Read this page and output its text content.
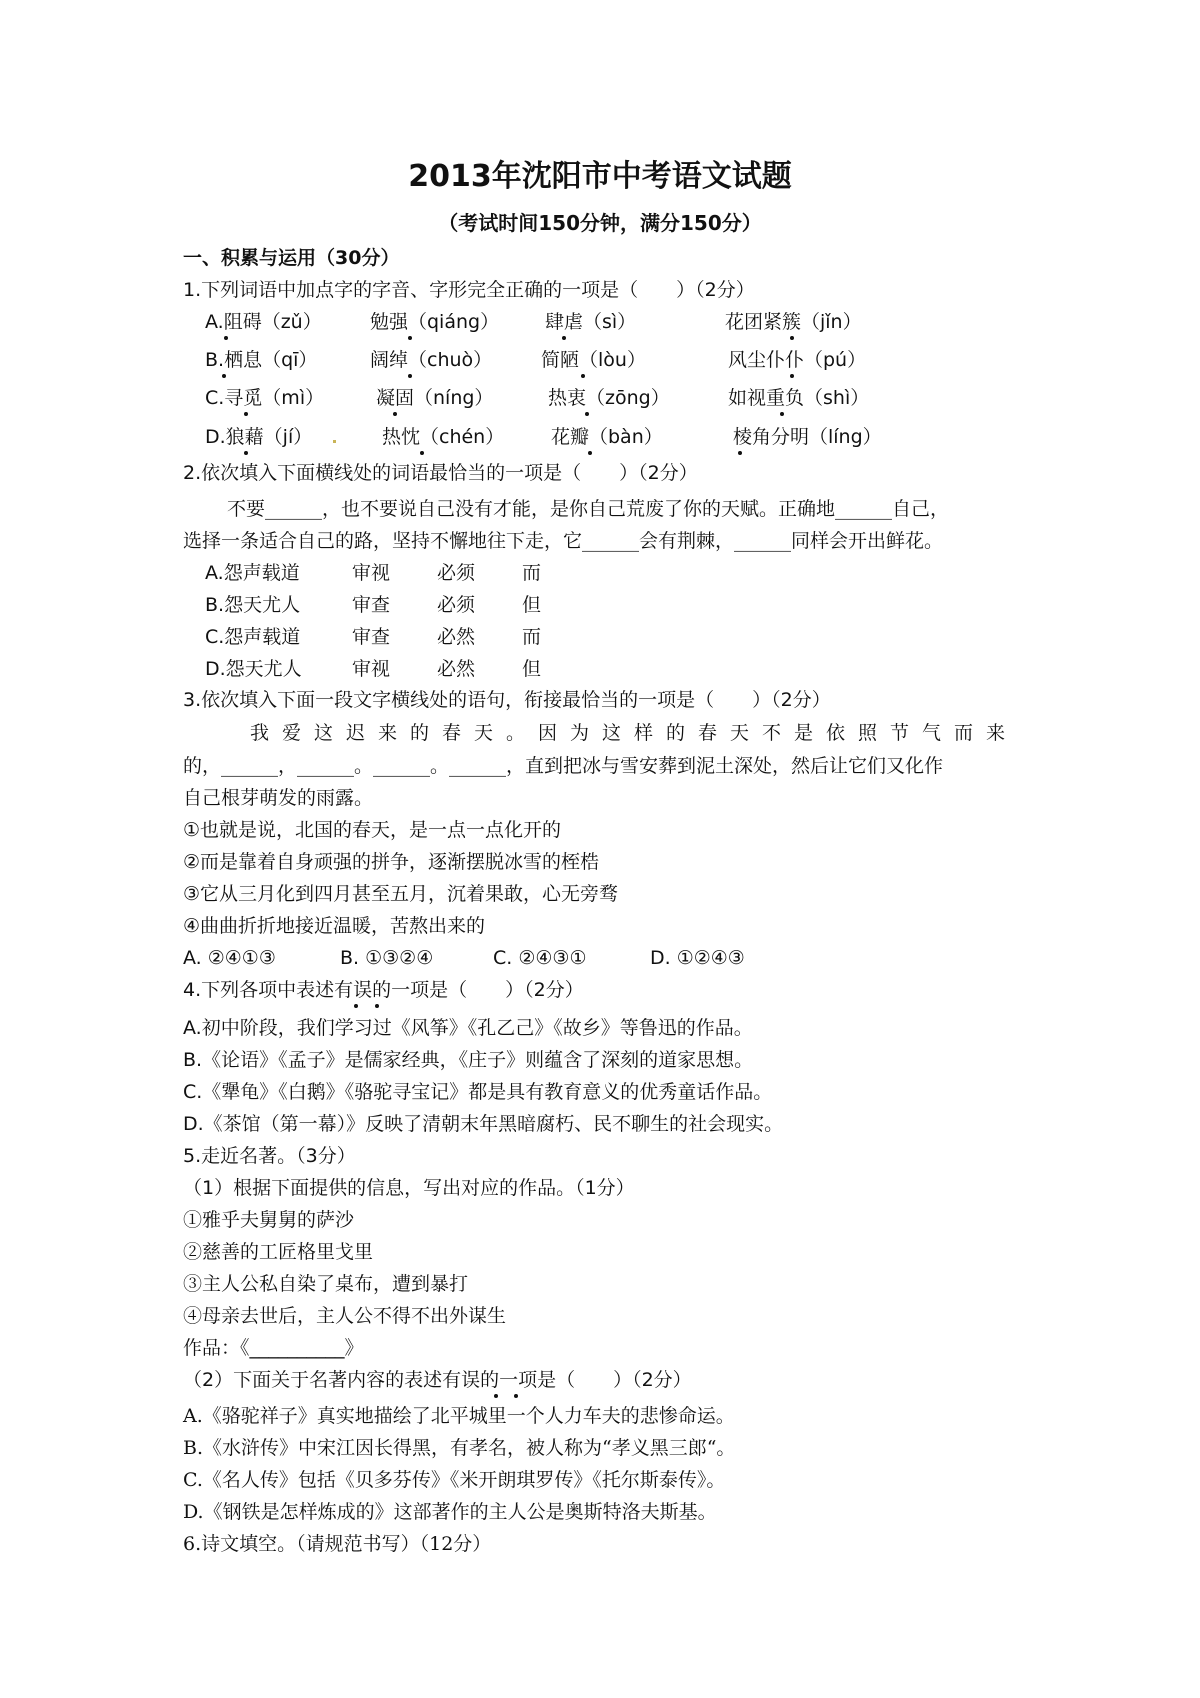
2013年沈阳市中考语文试题
（考试时间150分钟，满分150分）
一、积累与运用（30分）
1.下列词语中加点字的字音、字形完全正确的一项是（　　）（2分）
A.阻碍（zǔ）	勉强（qiáng） 肆虐（sì）	花团紧簇（jǐn）
B.栖息（qī）	阔绰（chuò）	简陋（lòu）	风尘仆仆（pú）
C.寻觅（mì）	凝固（níng）	热衷（zōng）	如视重负（shì）
D.狼藉（jí）	热忱（chén） 花瓣（bàn）	棱角分明（líng）
2.依次填入下面横线处的词语最恰当的一项是（　　）（2分）
不要______，也不要说自己没有才能，是你自己荒废了你的天赋。正确地______自己，
选择一条适合自己的路，坚持不懈地往下走，它______会有荆棘，______同样会开出鲜花。
A.怨声载道	审视 必须 而
B.怨天尤人	审查 必须 但
C.怨声载道	审查 必然 而
D.怨天尤人	审视 必然 但
3.依次填入下面一段文字横线处的语句，衔接最恰当的一项是（　　）（2分）
我爱这迟来的春天。因为这样的春天不是依照节气而来
的，______，______。______。______，直到把冰与雪安葬到泥土深处，然后让它们又化作
自己根芽萌发的雨露。
①也就是说，北国的春天，是一点一点化开的
②而是靠着自身顽强的拼争，逐渐摆脱冰雪的桎梏
③它从三月化到四月甚至五月，沉着果敢，心无旁骛
④曲曲折折地接近温暖，苦熬出来的
A. ②④①③	B. ①③②④	C. ②④③①	D. ①②④③
4.下列各项中表述有误的一项是（　　）（2分）
A.初中阶段，我们学习过《风筝》《孔乙己》《故乡》等鲁迅的作品。
B.《论语》《孟子》是儒家经典，《庄子》则蕴含了深刻的道家思想。
C.《犟龟》《白鹅》《骆驼寻宝记》都是具有教育意义的优秀童话作品。
D.《茶馆（第一幕）》反映了清朝末年黑暗腐朽、民不聊生的社会现实。
5.走近名著。（3分）
（1）根据下面提供的信息，写出对应的作品。（1分）
①雅乎夫舅舅的萨沙
②慈善的工匠格里戈里
③主人公私自染了桌布，遭到暴打
④母亲去世后，主人公不得不出外谋生
作品：《__________》
（2）下面关于名著内容的表述有误的一项是（　　）（2分）
A.《骆驼祥子》真实地描绘了北平城里一个人力车夫的悲惨命运。
B.《水浒传》中宋江因长得黑，有孝名，被人称为“孝义黑三郎“。
C.《名人传》包括《贝多芬传》《米开朗琪罗传》《托尔斯泰传》。
D.《钢铁是怎样炼成的》这部著作的主人公是奥斯特洛夫斯基。
6.诗文填空。（请规范书写）（12分）
